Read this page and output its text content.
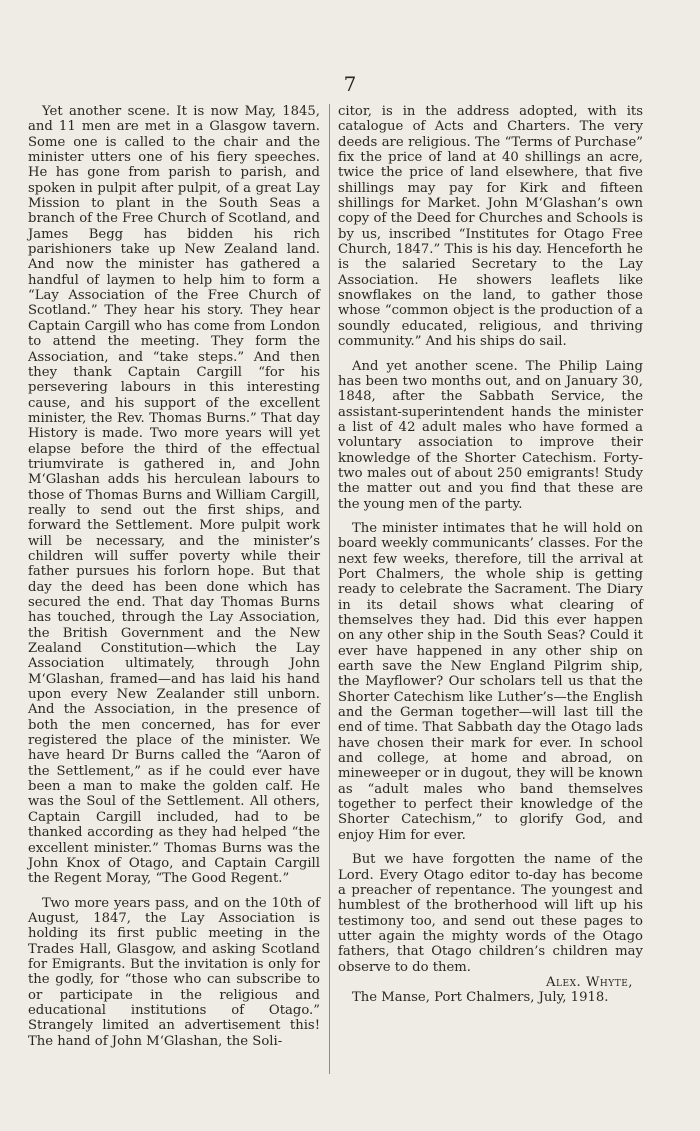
7

Yet another scene. It is now May, 1845, and 11 men are met in a Glasgow tavern. Some one is called to the chair and the minister utters one of his fiery speeches. He has gone from parish to parish, and spoken in pulpit after pulpit, of a great Lay Mission to plant in the South Seas a branch of the Free Church of Scotland, and James Begg has bidden his rich parishioners take up New Zealand land. And now the minister has gathered a handful of laymen to help him to form a “Lay Association of the Free Church of Scotland.” They hear his story. They hear Captain Cargill who has come from London to attend the meeting. They form the Association, and “take steps.” And then they thank Captain Cargill “for his persevering labours in this interesting cause, and his support of the excellent minister, the Rev. Thomas Burns.” That day History is made. Two more years will yet elapse before the third of the effectual triumvirate is gathered in, and John M‘Glashan adds his herculean labours to those of Thomas Burns and William Cargill, really to send out the first ships, and forward the Settlement. More pulpit work will be necessary, and the minister’s children will suffer poverty while their father pursues his forlorn hope. But that day the deed has been done which has secured the end. That day Thomas Burns has touched, through the Lay Association, the British Government and the New Zealand Constitution—which the Lay Association ultimately, through John M‘Glashan, framed—and has laid his hand upon every New Zealander still unborn. And the Association, in the presence of both the men concerned, has for ever registered the place of the minister. We have heard Dr Burns called the “Aaron of the Settlement,” as if he could ever have been a man to make the golden calf. He was the Soul of the Settlement. All others, Captain Cargill included, had to be thanked according as they had helped “the excellent minister.” Thomas Burns was the John Knox of Otago, and Captain Cargill the Regent Moray, “The Good Regent.”

Two more years pass, and on the 10th of August, 1847, the Lay Association is holding its first public meeting in the Trades Hall, Glasgow, and asking Scotland for Emigrants. But the invitation is only for the godly, for “those who can subscribe to or participate in the religious and educational institutions of Otago.” Strangely limited an advertisement this! The hand of John M‘Glashan, the Soli-

citor, is in the address adopted, with its catalogue of Acts and Charters. The very deeds are religious. The “Terms of Purchase” fix the price of land at 40 shillings an acre, twice the price of land elsewhere, that five shillings may pay for Kirk and fifteen shillings for Market. John M‘Glashan’s own copy of the Deed for Churches and Schools is by us, inscribed “Institutes for Otago Free Church, 1847.” This is his day. Henceforth he is the salaried Secretary to the Lay Association. He showers leaflets like snowflakes on the land, to gather those whose “common object is the production of a soundly educated, religious, and thriving community.” And his ships do sail.

And yet another scene. The Philip Laing has been two months out, and on January 30, 1848, after the Sabbath Service, the assistant-superintendent hands the minister a list of 42 adult males who have formed a voluntary association to improve their knowledge of the Shorter Catechism. Forty-two males out of about 250 emigrants! Study the matter out and you find that these are the young men of the party.

The minister intimates that he will hold on board weekly communicants’ classes. For the next few weeks, therefore, till the arrival at Port Chalmers, the whole ship is getting ready to celebrate the Sacrament. The Diary in its detail shows what clearing of themselves they had. Did this ever happen on any other ship in the South Seas? Could it ever have happened in any other ship on earth save the New England Pilgrim ship, the Mayflower? Our scholars tell us that the Shorter Catechism like Luther’s—the English and the German together—will last till the end of time. That Sabbath day the Otago lads have chosen their mark for ever. In school and college, at home and abroad, on mineweeper or in dugout, they will be known as “adult males who band themselves together to perfect their knowledge of the Shorter Catechism,” to glorify God, and enjoy Him for ever.

But we have forgotten the name of the Lord. Every Otago editor to-day has become a preacher of repentance. The youngest and humblest of the brotherhood will lift up his testimony too, and send out these pages to utter again the mighty words of the Otago fathers, that Otago children’s children may observe to do them.

Alex. Whyte,

The Manse, Port Chalmers, July, 1918.
